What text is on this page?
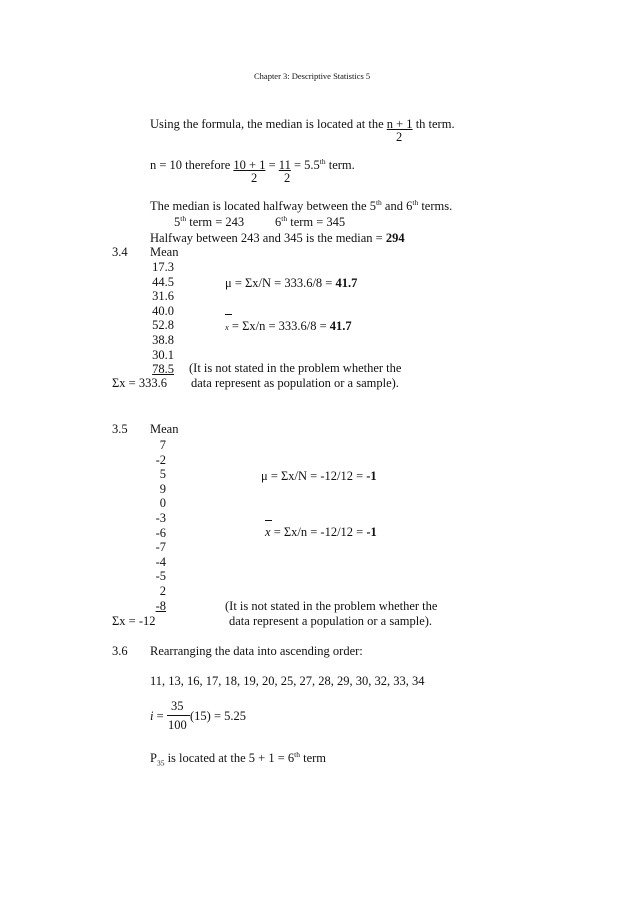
Chapter 3: Descriptive Statistics 5
Using the formula, the median is located at the n + 1 th term.
2
n = 10 therefore 10 + 1 = 11 = 5.5th term.
2 2
The median is located halfway between the 5th and 6th terms.
5th term = 243 6th term = 345
Halfway between 243 and 345 is the median = 294
3.4 Mean
17.3
44.5
31.6
40.0
52.8
38.8
30.1
78.5
μ = Σx/N = 333.6/8 = 41.7
x = Σx/n = 333.6/8 = 41.7
(It is not stated in the problem whether the
Σx = 333.6 data represent as population or a sample).
3.5 Mean
7
-2
5
9
0
-3
-6
-7
-4
-5
2
-8
μ = Σx/N = -12/12 = -1
x = Σx/n = -12/12 = -1
(It is not stated in the problem whether the
Σx = -12	data represent a population or a sample).
3.6 Rearranging the data into ascending order:
11, 13, 16, 17, 18, 19, 20, 25, 27, 28, 29, 30, 32, 33, 34
i =
35
100
(15) = 5.25
$P_{35}$ is located at the 5 + 1 = 6th term
